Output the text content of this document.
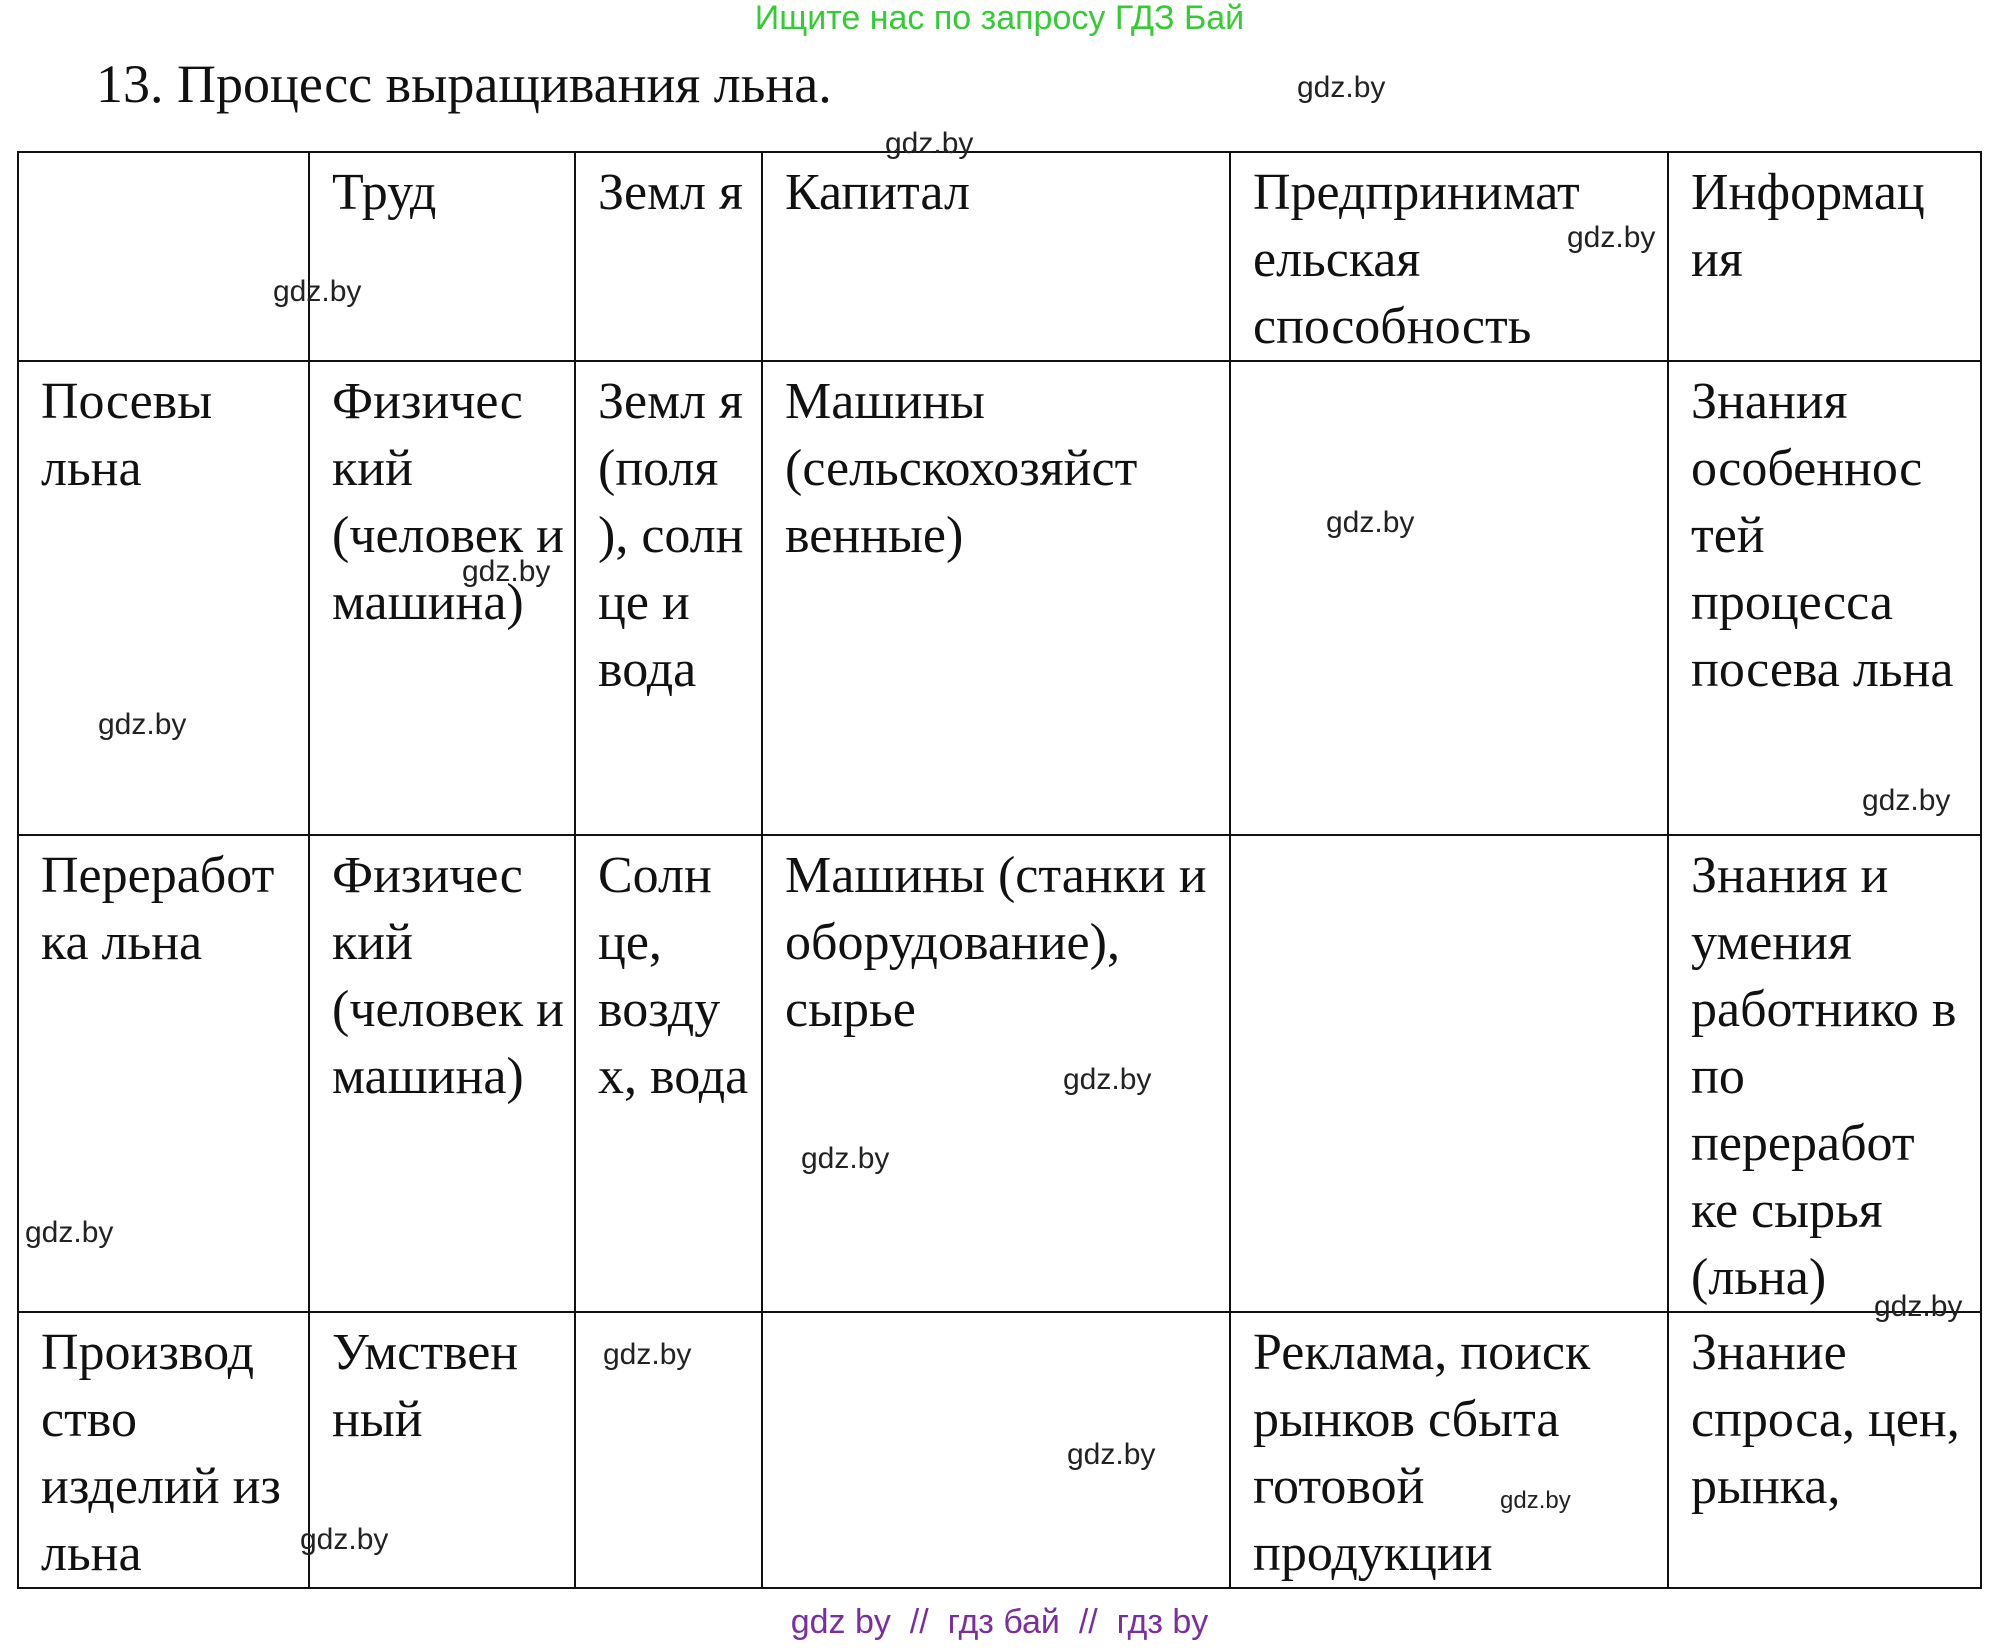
Ищите нас по запросу ГДЗ Бай
13. Процесс выращивания льна.
	Труд	Земл я	Капитал	Предпринимат ельская способность	Информац ия
Посевы льна	Физичес кий (человек и машина)	Земл я (поля ), солн це и вода	Машины (сельскохозяйст венные)		Знания особеннос тей процесса посева льна
Переработка льна	Физичес кий (человек и машина)	Солн це, возду х, вода	Машины (станки и оборудование), сырье		Знания и умения работнико в по переработ ке сырья (льна)
Производ ство изделий из льна	Умствен ный			Реклама, поиск рынков сбыта готовой продукции	Знание спроса, цен, рынка,
gdz.by
gdz.by
gdz.by
gdz.by
gdz.by
gdz.by
gdz.by
gdz.by
gdz.by
gdz.by
gdz.by
gdz.by
gdz.by
gdz.by
gdz.by
gdz.by
gdz by  //  гдз бай  //  гдз by
